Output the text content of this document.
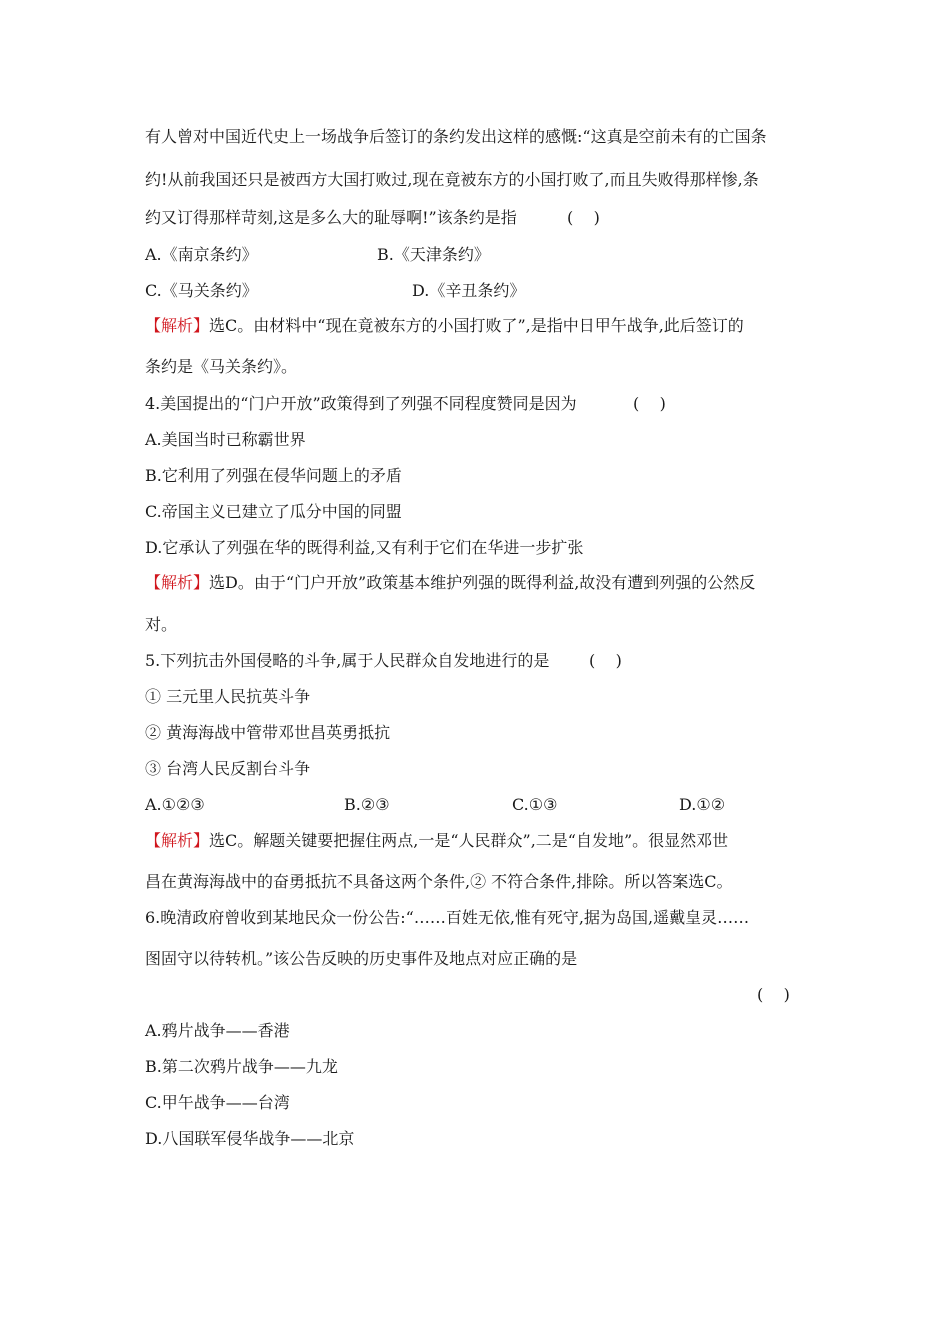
有人曾对中国近代史上一场战争后签订的条约发出这样的感慨:“这真是空前未有的亡国条
约!从前我国还只是被西方大国打败过,现在竟被东方的小国打败了,而且失败得那样惨,条
约又订得那样苛刻,这是多么大的耻辱啊!”该条约是指	(    )
A.《南京条约》	B.《天津条约》
C.《马关条约》	D.《辛丑条约》
【解析】选C。由材料中“现在竟被东方的小国打败了”,是指中日甲午战争,此后签订的
条约是《马关条约》。
4.美国提出的“门户开放”政策得到了列强不同程度赞同是因为	(    )
A.美国当时已称霸世界
B.它利用了列强在侵华问题上的矛盾
C.帝国主义已建立了瓜分中国的同盟
D.它承认了列强在华的既得利益,又有利于它们在华进一步扩张
【解析】选D。由于“门户开放”政策基本维护列强的既得利益,故没有遭到列强的公然反
对。
5.下列抗击外国侵略的斗争,属于人民群众自发地进行的是 (    )
① 三元里人民抗英斗争
② 黄海海战中管带邓世昌英勇抵抗
③ 台湾人民反割台斗争
A.①②③	B.②③	C.①③	D.①②
【解析】选C。解题关键要把握住两点,一是“人民群众”,二是“自发地”。很显然邓世
昌在黄海海战中的奋勇抵抗不具备这两个条件,② 不符合条件,排除。所以答案选C。
6.晚清政府曾收到某地民众一份公告:“……百姓无依,惟有死守,据为岛国,遥戴皇灵……
图固守以待转机。”该公告反映的历史事件及地点对应正确的是
(    )
A.鸦片战争——香港
B.第二次鸦片战争——九龙
C.甲午战争——台湾
D.八国联军侵华战争——北京
